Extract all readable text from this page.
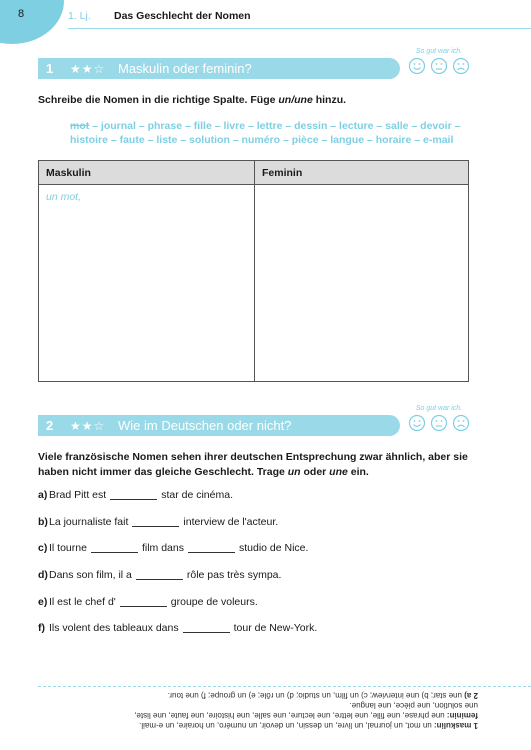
8	1. Lj. Das Geschlecht der Nomen
1	★★☆ Maskulin oder feminin?
So gut war ich.
Schreibe die Nomen in die richtige Spalte. Füge un/une hinzu.
mot – journal – phrase – fille – livre – lettre – dessin – lecture – salle – devoir –
histoire – faute – liste – solution – numéro – pièce – langue – horaire – e-mail
Maskulin	Feminin
un mot,	
2	★★☆ Wie im Deutschen oder nicht?
So gut war ich.
Viele französische Nomen sehen ihrer deutschen Entsprechung zwar ähnlich, aber sie
haben nicht immer das gleiche Geschlecht. Trage un oder une ein.
a) Brad Pitt est	star de cinéma.
b) La journaliste fait	interview de l'acteur.
c) Il tourne	film dans	studio de Nice.
d) Dans son film, il a	rôle pas très sympa.
e) Il est le chef d'	groupe de voleurs.
f) Ils volent des tableaux dans	tour de New-York.
1 maskulin: un mot, un journal, un livre, un dessin, un devoir, un numéro, un horaire, un e-mail.
feminin: une phrase, une fille, une lettre, une lecture, une salle, une histoire, une faute, une liste,
une solution, une pièce, une langue.
2 a) une star; b) une interview; c) un film, un studio; d) un rôle; e) un groupe; f) une tour.
